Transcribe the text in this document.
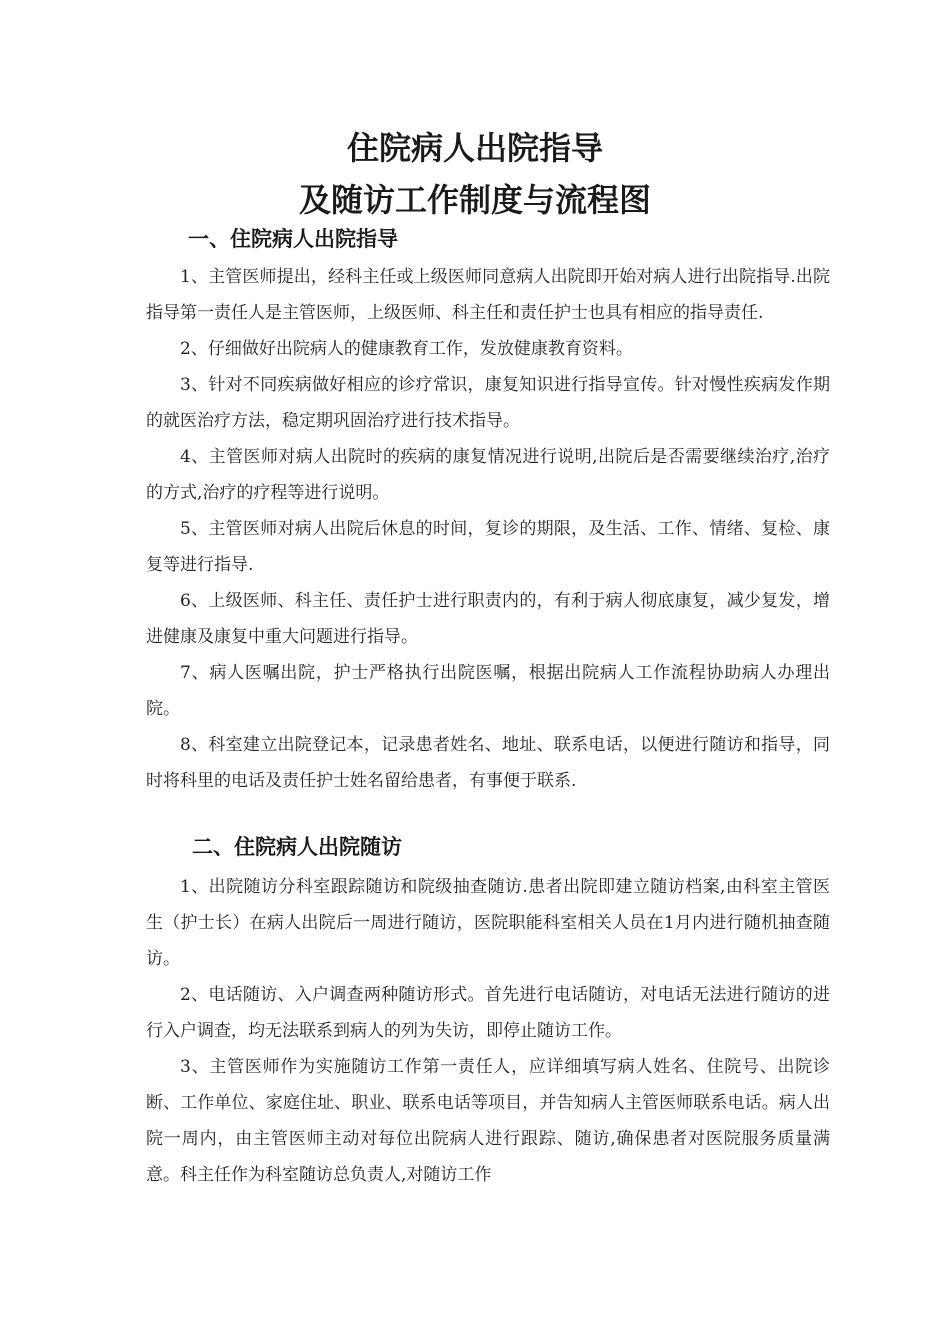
住院病人出院指导
及随访工作制度与流程图
一、住院病人出院指导

1、主管医师提出，经科主任或上级医师同意病人出院即开始对病人进行出院指导.出院指导第一责任人是主管医师，上级医师、科主任和责任护士也具有相应的指导责任.

2、仔细做好出院病人的健康教育工作，发放健康教育资料。

3、针对不同疾病做好相应的诊疗常识，康复知识进行指导宣传。针对慢性疾病发作期的就医治疗方法，稳定期巩固治疗进行技术指导。

4、主管医师对病人出院时的疾病的康复情况进行说明,出院后是否需要继续治疗,治疗的方式,治疗的疗程等进行说明。

5、主管医师对病人出院后休息的时间，复诊的期限，及生活、工作、情绪、复检、康复等进行指导.

6、上级医师、科主任、责任护士进行职责内的，有利于病人彻底康复，减少复发，增进健康及康复中重大问题进行指导。

7、病人医嘱出院，护士严格执行出院医嘱，根据出院病人工作流程协助病人办理出院。

8、科室建立出院登记本，记录患者姓名、地址、联系电话，以便进行随访和指导，同时将科里的电话及责任护士姓名留给患者，有事便于联系.

二、住院病人出院随访

1、出院随访分科室跟踪随访和院级抽查随访.患者出院即建立随访档案,由科室主管医生（护士长）在病人出院后一周进行随访，医院职能科室相关人员在1月内进行随机抽查随访。

2、电话随访、入户调查两种随访形式。首先进行电话随访，对电话无法进行随访的进行入户调查，均无法联系到病人的列为失访，即停止随访工作。

3、主管医师作为实施随访工作第一责任人，应详细填写病人姓名、住院号、出院诊断、工作单位、家庭住址、职业、联系电话等项目，并告知病人主管医师联系电话。病人出院一周内，由主管医师主动对每位出院病人进行跟踪、随访,确保患者对医院服务质量满意。科主任作为科室随访总负责人,对随访工作
